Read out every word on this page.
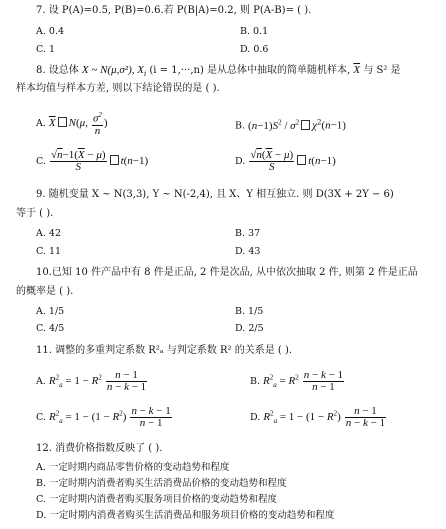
7. 设 P(A)=0.5, P(B)=0.6.若 P(B|A)=0.2, 则 P(A-B)= ( ).
A. 0.4	B. 0.1
C. 1	D. 0.6
8. 设总体 X ~ N(μ,σ²), $X_i$ (i = 1,···,n) 是从总体中抽取的简单随机样本, $\overline{X}$ 与 S² 是
样本均值与样本方差, 则以下结论错误的是 ( ).
A. $\overline{X}$ N(μ, $\frac{\sigma^2}{n}$ )	B. $(n-1)S^2 / \sigma^2$ $\chi^2(n-1)$
C. $\frac{√n-1(\overline{X} - \mu)}{S} t(n-1)$	D. $\frac{√n(\overline{X} - \mu)}{S} t(n-1)$
9. 随机变量 X ~ N(3,3), Y ~ N(-2,4), 且 X、Y 相互独立. 则 D(3X + 2Y − 6)
等于 ( ).
A. 42	B. 37
C. 11	D. 43
10.已知 10 件产品中有 8 件是正品, 2 件是次品, 从中依次抽取 2 件, 则第 2 件是正品
的概率是 ( ).
A. 1/5	B. 1/5
C. 4/5	D. 2/5
11. 调整的多重判定系数 R²ₐ 与判定系数 R² 的关系是 ( ).
A. $R^2_a = 1 - R^2 \frac{n - 1}{n - k - 1}$	B. $R^2_a = R^2 \frac{n - k - 1}{n - 1}$
C. $R^2_a = 1 - (1 - R^2) \frac{n - k - 1}{n - 1}$	D. $R^2_a = 1 - (1 - R^2) \frac{n - 1}{n - k - 1}$
12. 消费价格指数反映了 ( ).
A. 一定时期内商品零售价格的变动趋势和程度
B. 一定时期内消费者购买生活消费品价格的变动趋势和程度
C. 一定时期内消费者购买服务项目价格的变动趋势和程度
D. 一定时期内消费者购买生活消费品和服务项目价格的变动趋势和程度
